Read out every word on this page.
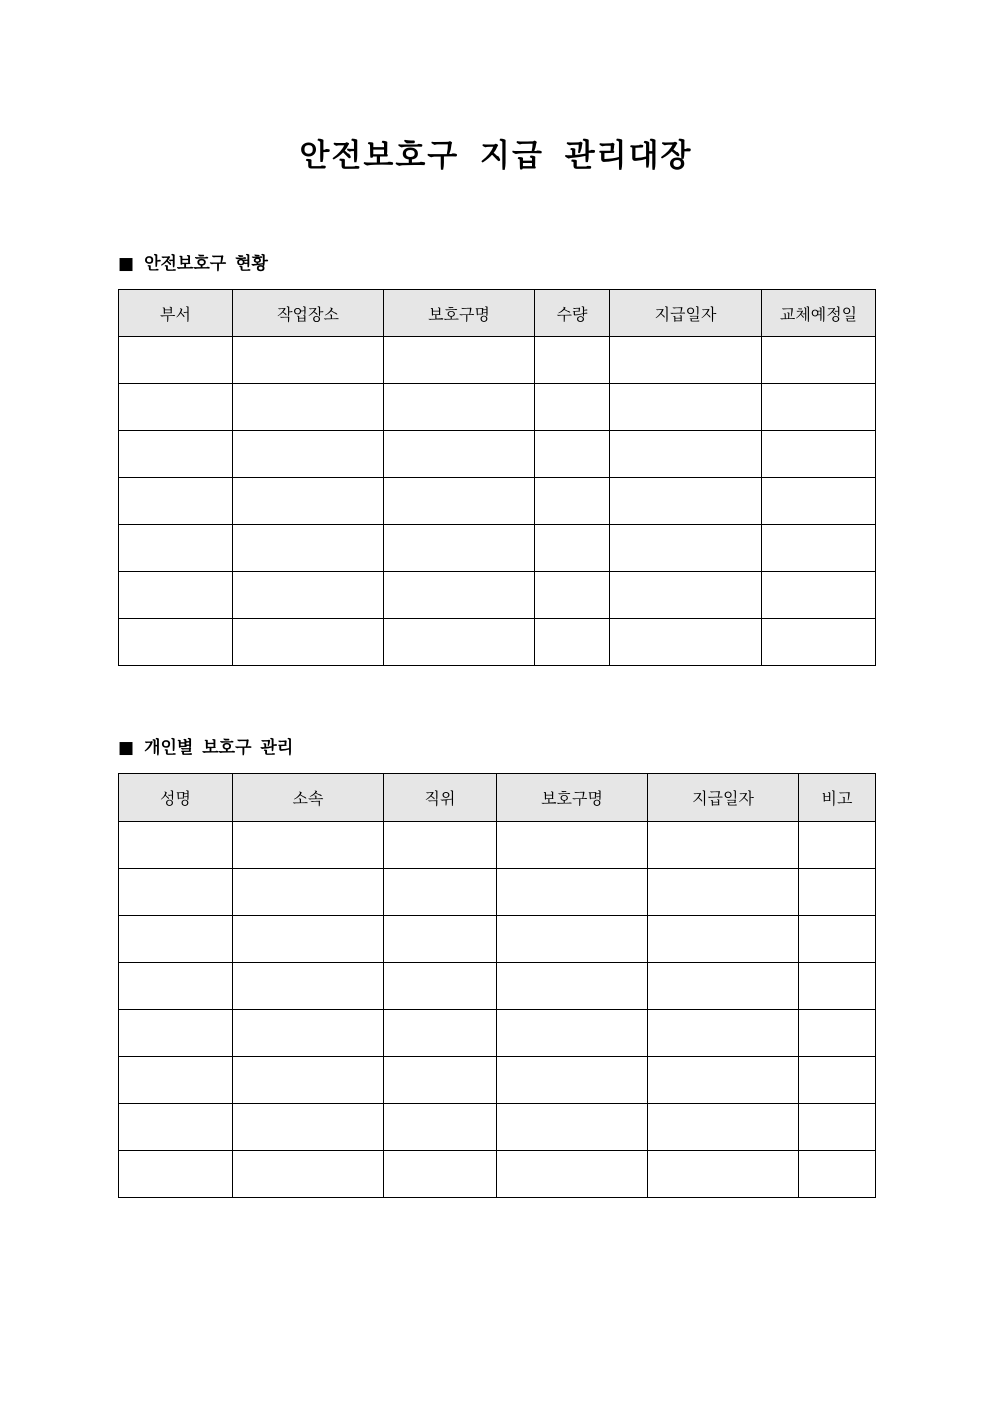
안전보호구 지급 관리대장
■ 안전보호구 현황
부서	작업장소	보호구명	수량	지급일자	교체예정일

■ 개인별 보호구 관리
성명	소속	직위	보호구명	지급일자	비고
